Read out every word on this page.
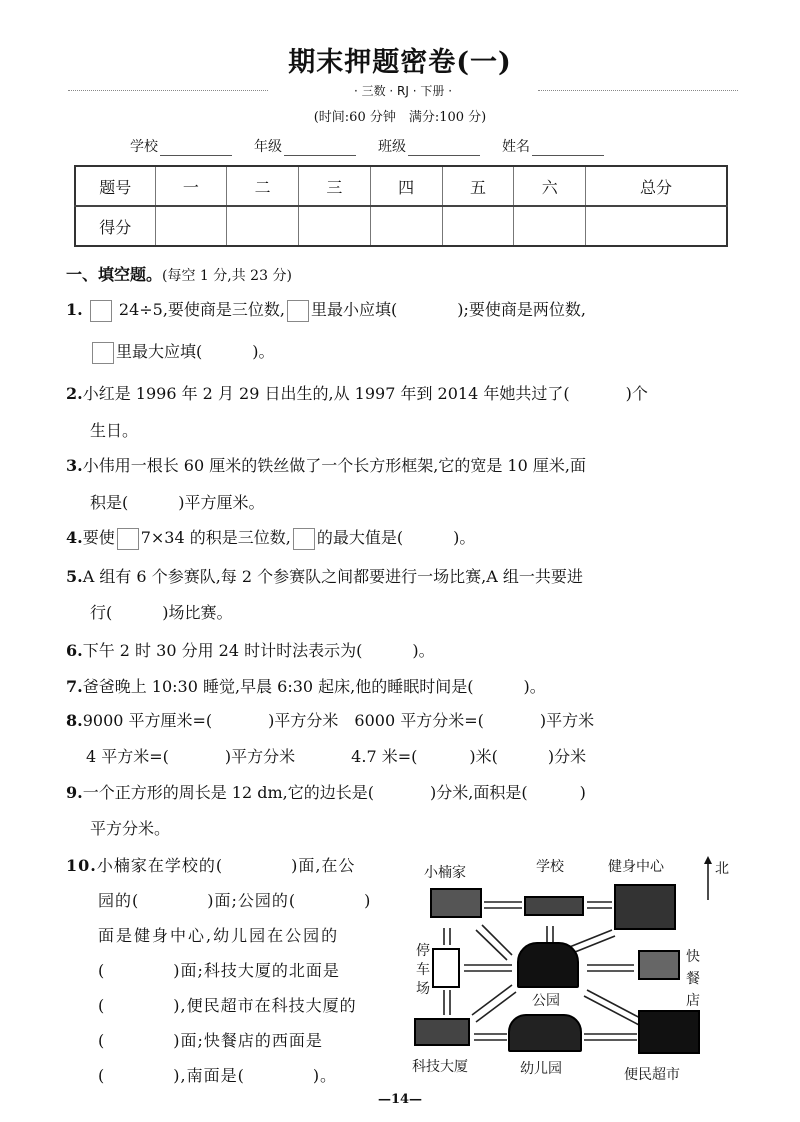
期末押题密卷(一)
· 三数 · RJ · 下册 ·
(时间:60 分钟　满分:100 分)
学校	年级	班级	姓名
题号	一	二	三	四	五	六	总分
得分							
一、填空题。(每空 1 分,共 23 分)
1. 24÷5,要使商是三位数, 里最小应填(	);要使商是两位数,
里最大应填(	)。
2.小红是 1996 年 2 月 29 日出生的,从 1997 年到 2014 年她共过了(	)个
生日。
3.小伟用一根长 60 厘米的铁丝做了一个长方形框架,它的宽是 10 厘米,面
积是(	)平方厘米。
4.要使 7×34 的积是三位数, 的最大值是(	)。
5.A 组有 6 个参赛队,每 2 个参赛队之间都要进行一场比赛,A 组一共要进
行(	)场比赛。
6.下午 2 时 30 分用 24 时计时法表示为(	)。
7.爸爸晚上 10:30 睡觉,早晨 6:30 起床,他的睡眠时间是(	)。
8.9000 平方厘米=(	)平方分米 6000 平方分米=(	)平方米
4 平方米=(	)平方分米	4.7 米=(	)米(	)分米
9.一个正方形的周长是 12 dm,它的边长是(	)分米,面积是(	)
平方分米。
10.小楠家在学校的(　　　　)面,在公
园的(　　　　)面;公园的(　　　　)
面是健身中心,幼儿园在公园的
(　　　　)面;科技大厦的北面是
(　　　　),便民超市在科技大厦的
(　　　　)面;快餐店的西面是
(　　　　),南面是(　　　　)。
小楠家	学校	健身中心	北
停
车
场
公园
快
餐
店
科技大厦	幼儿园	便民超市
—14—
